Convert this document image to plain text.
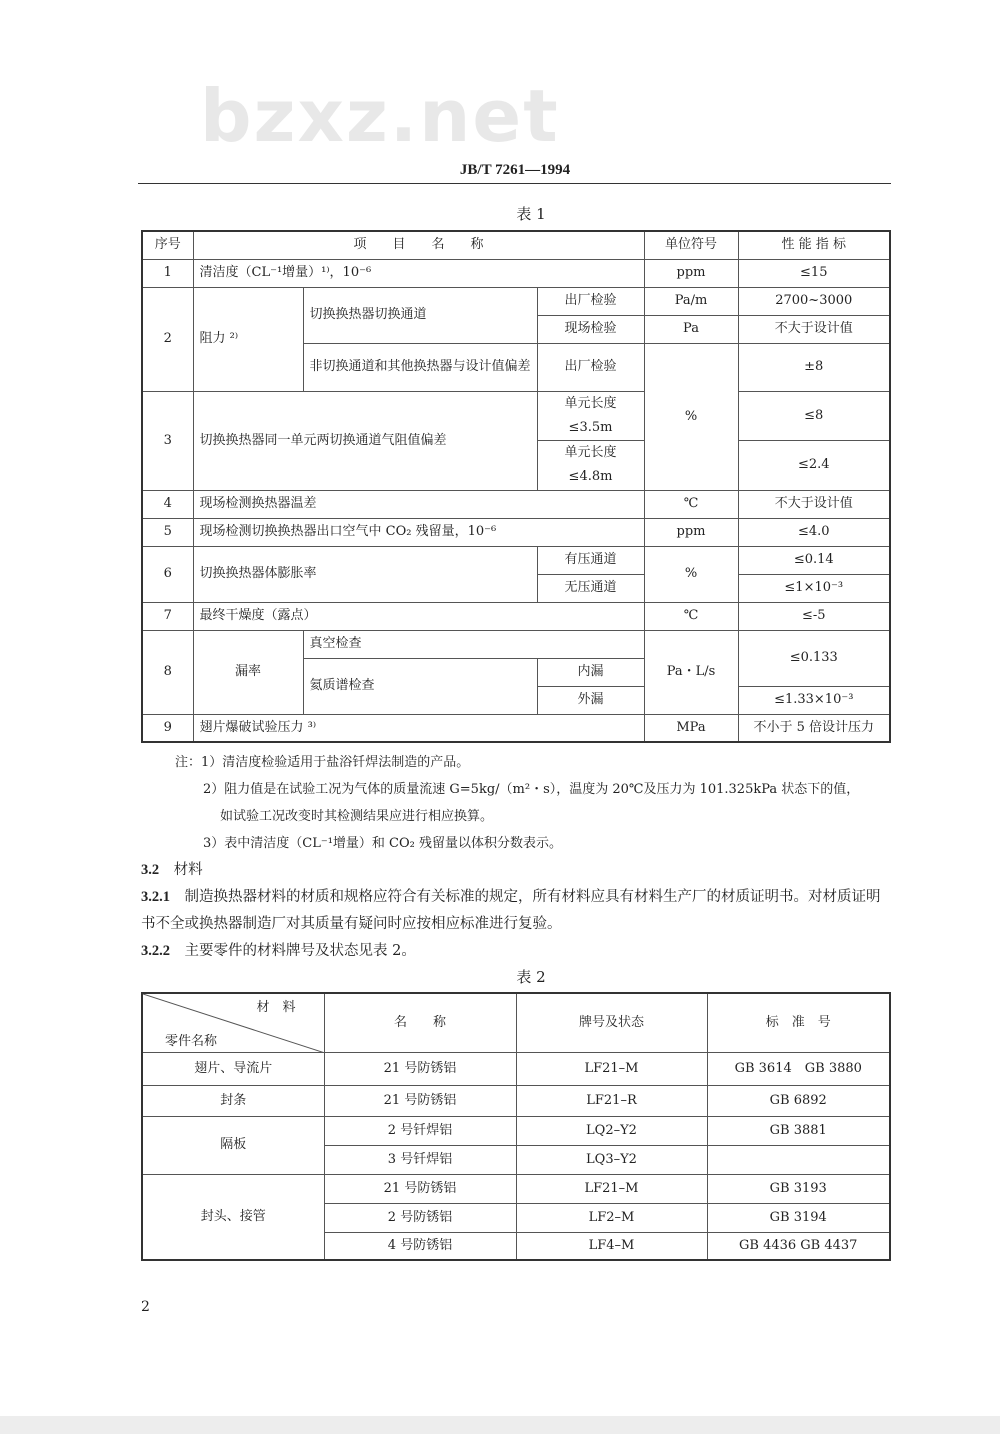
bzxz.net
JB/T 7261—1994
表 1
序号	项　　目　　名　　称			单位符号	性 能 指 标
1	清洁度（CL⁻¹增量）¹⁾，10⁻⁶			ppm	≤15
2	阻力 ²⁾	切换换热器切换通道	出厂检验	Pa/m	2700~3000
			现场检验	Pa	不大于设计值
		非切换通道和其他换热器与设计值偏差	出厂检验	%	±8
3	切换换热器同一单元两切换通道气阻值偏差		单元长度≤3.5m		≤8
			单元长度≤4.8m		≤2.4
4	现场检测换热器温差			℃	不大于设计值
5	现场检测切换换热器出口空气中 CO₂ 残留量，10⁻⁶			ppm	≤4.0
6	切换换热器体膨胀率		有压通道	%	≤0.14
			无压通道		≤1×10⁻³
7	最终干燥度（露点）			℃	≤-5
8	漏率	真空检查		Pa・L/s	≤0.133
		氦质谱检查	内漏		
			外漏		≤1.33×10⁻³
9	翅片爆破试验压力 ³⁾			MPa	不小于 5 倍设计压力
注：1）清洁度检验适用于盐浴钎焊法制造的产品。
2）阻力值是在试验工况为气体的质量流速 G=5kg/（m²・s），温度为 20℃及压力为 101.325kPa 状态下的值，
如试验工况改变时其检测结果应进行相应换算。
3）表中清洁度（CL⁻¹增量）和 CO₂ 残留量以体积分数表示。
3.2　 材料
3.2.1　 制造换热器材料的材质和规格应符合有关标准的规定，所有材料应具有材料生产厂的材质证明书。对材质证明书不全或换热器制造厂对其质量有疑问时应按相应标准进行复验。
3.2.2　 主要零件的材料牌号及状态见表 2。
表 2
材　料
零件名称	名　　称	牌号及状态	标　准　号
翅片、导流片	21 号防锈铝	LF21–M	GB 3614　GB 3880
封条	21 号防锈铝	LF21–R	GB 6892
隔板	2 号钎焊铝	LQ2–Y2	GB 3881
	3 号钎焊铝	LQ3–Y2	
封头、接管	21 号防锈铝	LF21–M	GB 3193
	2 号防锈铝	LF2–M	GB 3194
	4 号防锈铝	LF4–M	GB 4436 GB 4437
2
